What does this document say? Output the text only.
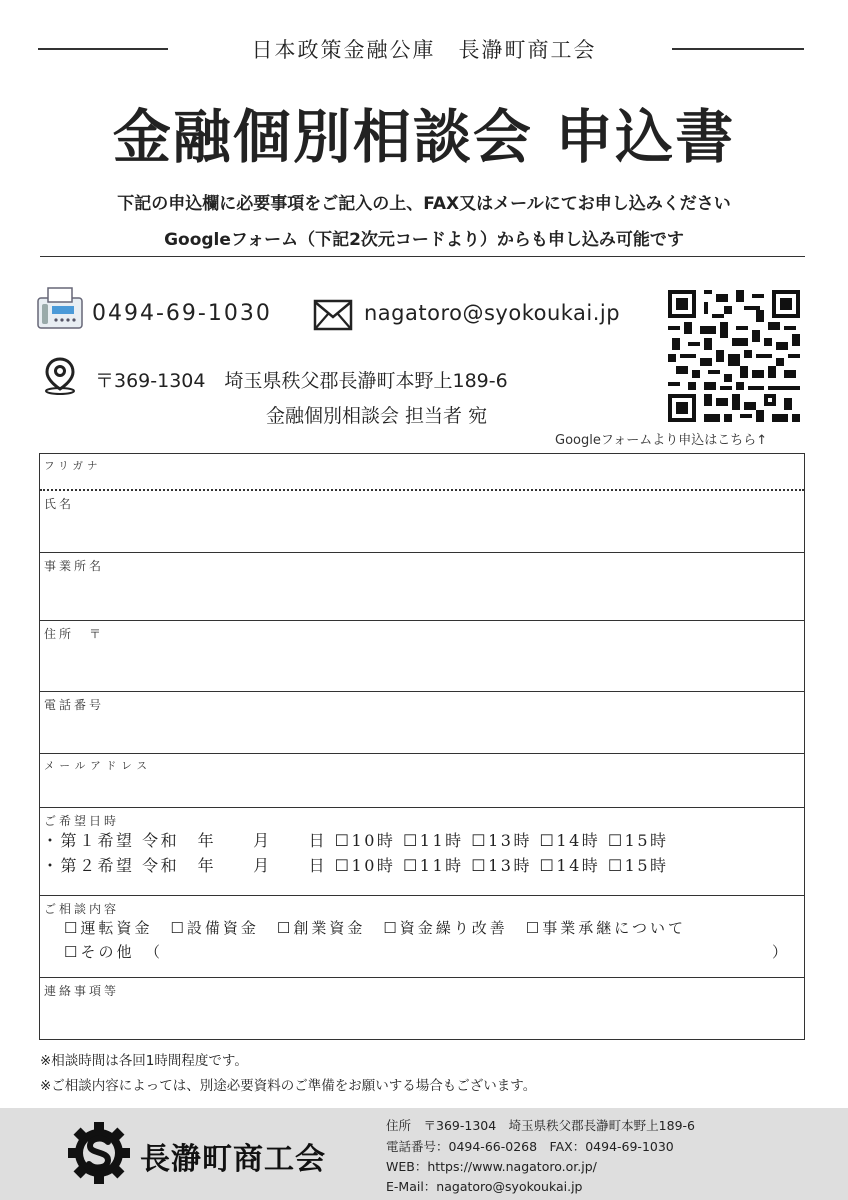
日本政策金融公庫　長瀞町商工会
金融個別相談会 申込書
下記の申込欄に必要事項をご記入の上、FAX又はメールにてお申し込みください
Googleフォーム（下記2次元コードより）からも申し込み可能です
0494-69-1030	nagatoro@syokoukai.jp
〒369-1304　埼玉県秩父郡長瀞町本野上189-6
金融個別相談会 担当者 宛
Googleフォームより申込はこちら↑
フリガナ
氏名
事業所名
住所　〒
電話番号
メールアドレス
ご希望日時
・第１希望 令和　年　　月　　日 ☐10時 ☐11時 ☐13時 ☐14時 ☐15時
・第２希望 令和　年　　月　　日 ☐10時 ☐11時 ☐13時 ☐14時 ☐15時
ご相談内容
☐運転資金　☐設備資金　☐創業資金　☐資金繰り改善　☐事業承継について
☐その他　（	）
連絡事項等
※相談時間は各回1時間程度です。
※ご相談内容によっては、別途必要資料のご準備をお願いする場合もございます。
長瀞町商工会
住所　〒369-1304　埼玉県秩父郡長瀞町本野上189-6
電話番号：0494-66-0268　FAX：0494-69-1030
WEB：https://www.nagatoro.or.jp/
E-Mail：nagatoro@syokoukai.jp
